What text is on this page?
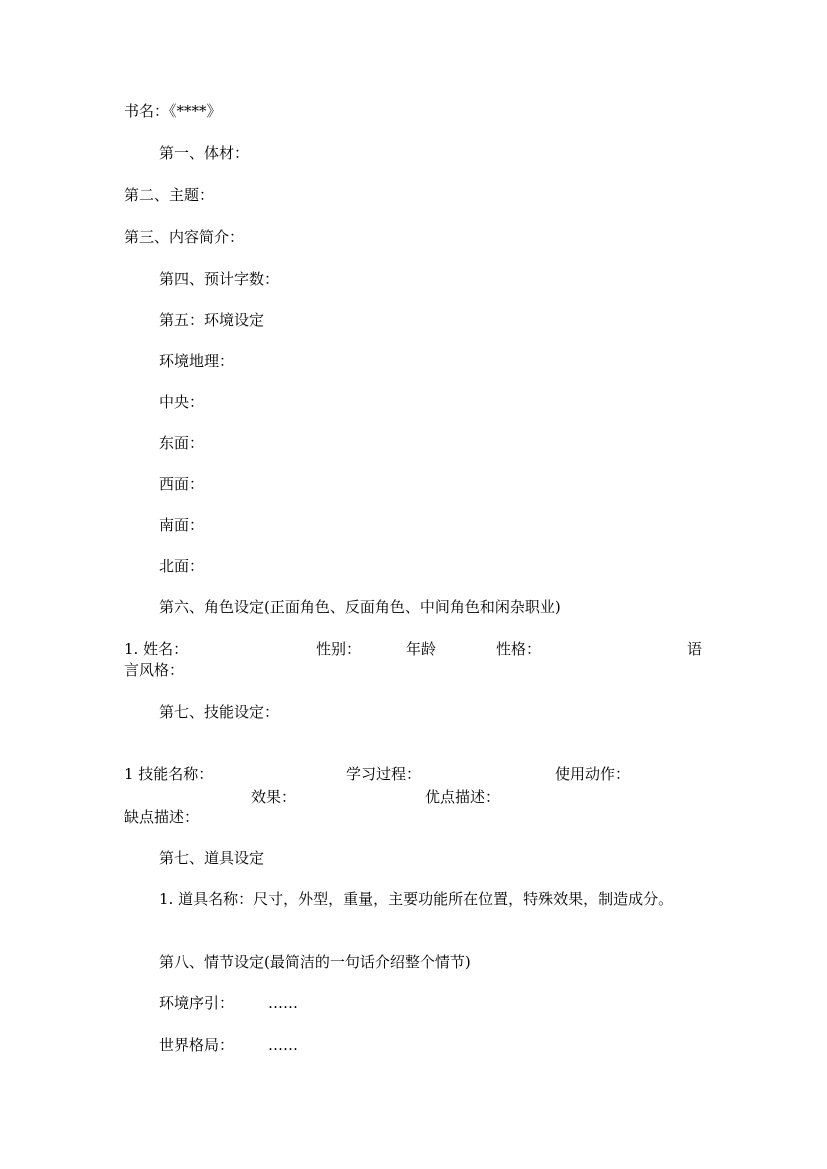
书名：《****》
第一、体材：
第二、主题：
第三、内容简介：
第四、预计字数：
第五：环境设定
环境地理：
中央：
东面：
西面：
南面：
北面：
第六、角色设定(正面角色、反面角色、中间角色和闲杂职业)
1. 姓名：	性别：	年龄	性格：	语
言风格：
第七、技能设定：
1 技能名称：	学习过程：	使用动作：
效果：	优点描述：
缺点描述：
第七、道具设定
1. 道具名称：尺寸，外型，重量，主要功能所在位置，特殊效果，制造成分。
第八、情节设定(最简洁的一句话介绍整个情节)
环境序引： ……
世界格局： ……
